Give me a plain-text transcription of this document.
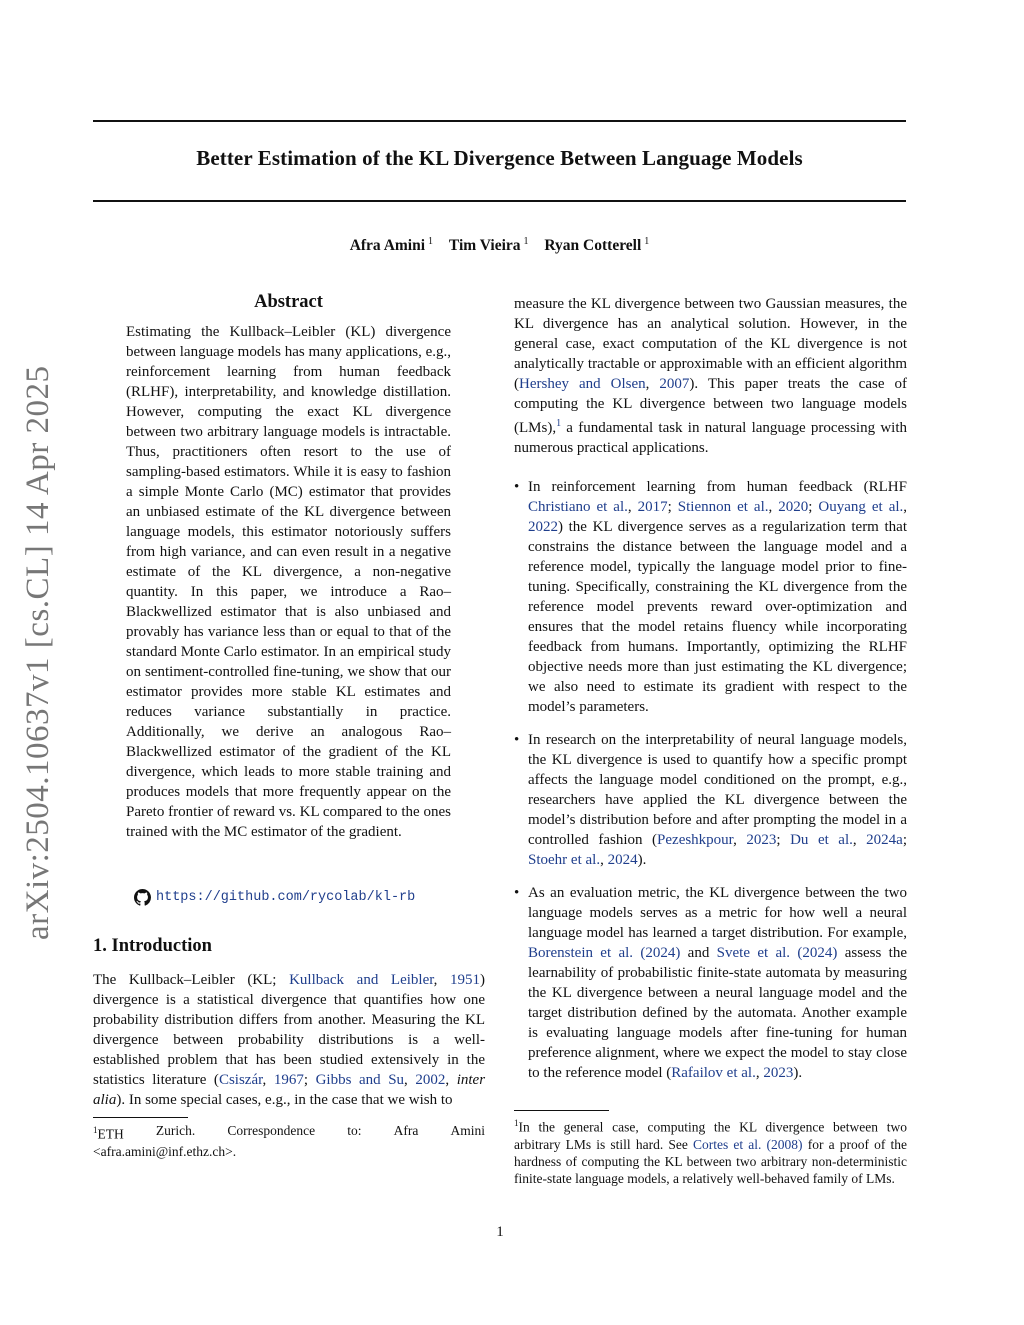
arXiv:2504.10637v1 [cs.CL] 14 Apr 2025
Better Estimation of the KL Divergence Between Language Models
Afra Amini $^1$ Tim Vieira $^1$ Ryan Cotterell $^1$
Abstract
Estimating the Kullback–Leibler (KL) divergence between language models has many applications, e.g., reinforcement learning from human feedback (RLHF), interpretability, and knowledge distillation. However, computing the exact KL divergence between two arbitrary language models is intractable. Thus, practitioners often resort to the use of sampling-based estimators. While it is easy to fashion a simple Monte Carlo (MC) estimator that provides an unbiased estimate of the KL divergence between language models, this estimator notoriously suffers from high variance, and can even result in a negative estimate of the KL divergence, a non-negative quantity. In this paper, we introduce a Rao–Blackwellized estimator that is also unbiased and provably has variance less than or equal to that of the standard Monte Carlo estimator. In an empirical study on sentiment-controlled fine-tuning, we show that our estimator provides more stable KL estimates and reduces variance substantially in practice. Additionally, we derive an analogous Rao–Blackwellized estimator of the gradient of the KL divergence, which leads to more stable training and produces models that more frequently appear on the Pareto frontier of reward vs. KL compared to the ones trained with the MC estimator of the gradient.
https://github.com/rycolab/kl-rb
1. Introduction
The Kullback–Leibler (KL; Kullback and Leibler, 1951) divergence is a statistical divergence that quantifies how one probability distribution differs from another. Measuring the KL divergence between probability distributions is a well-established problem that has been studied extensively in the statistics literature (Csiszár, 1967; Gibbs and Su, 2002, inter alia). In some special cases, e.g., in the case that we wish to
$^1$ETH Zurich. Correspondence to: Afra Amini
<afra.amini@inf.ethz.ch>.
measure the KL divergence between two Gaussian measures, the KL divergence has an analytical solution. However, in the general case, exact computation of the KL divergence is not analytically tractable or approximable with an efficient algorithm (Hershey and Olsen, 2007). This paper treats the case of computing the KL divergence between two language models (LMs),$^1$ a fundamental task in natural language processing with numerous practical applications.
• In reinforcement learning from human feedback (RLHF Christiano et al., 2017; Stiennon et al., 2020; Ouyang et al., 2022) the KL divergence serves as a regularization term that constrains the distance between the language model and a reference model, typically the language model prior to fine-tuning. Specifically, constraining the KL divergence from the reference model prevents reward over-optimization and ensures that the model retains fluency while incorporating feedback from humans. Importantly, optimizing the RLHF objective needs more than just estimating the KL divergence; we also need to estimate its gradient with respect to the model’s parameters.
• In research on the interpretability of neural language models, the KL divergence is used to quantify how a specific prompt affects the language model conditioned on the prompt, e.g., researchers have applied the KL divergence between the model’s distribution before and after prompting the model in a controlled fashion (Pezeshkpour, 2023; Du et al., 2024a; Stoehr et al., 2024).
• As an evaluation metric, the KL divergence between the two language models serves as a metric for how well a neural language model has learned a target distribution. For example, Borenstein et al. (2024) and Svete et al. (2024) assess the learnability of probabilistic finite-state automata by measuring the KL divergence between a neural language model and the target distribution defined by the automata. Another example is evaluating language models after fine-tuning for human preference alignment, where we expect the model to stay close to the reference model (Rafailov et al., 2023).
$^1$In the general case, computing the KL divergence between two arbitrary LMs is still hard. See Cortes et al. (2008) for a proof of the hardness of computing the KL between two arbitrary non-deterministic finite-state language models, a relatively well-behaved family of LMs.
1
